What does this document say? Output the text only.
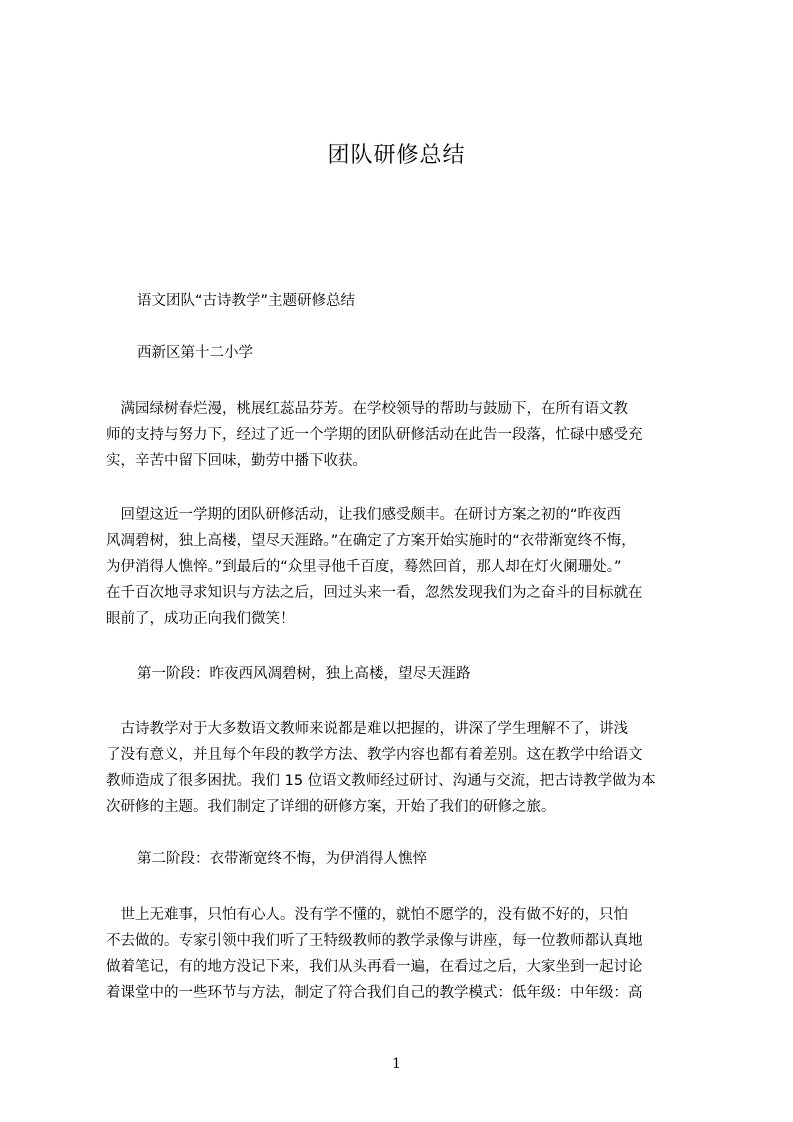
团队研修总结
语文团队“古诗教学”主题研修总结
西新区第十二小学
　满园绿树春烂漫，桃展红蕊品芬芳。在学校领导的帮助与鼓励下，在所有语文教
师的支持与努力下，经过了近一个学期的团队研修活动在此告一段落，忙碌中感受充
实，辛苦中留下回味，勤劳中播下收获。
　回望这近一学期的团队研修活动，让我们感受颇丰。在研讨方案之初的“昨夜西
风凋碧树，独上高楼，望尽天涯路。”在确定了方案开始实施时的“衣带渐宽终不悔，
为伊消得人憔悴。”到最后的“众里寻他千百度，蓦然回首，那人却在灯火阑珊处。”
在千百次地寻求知识与方法之后，回过头来一看，忽然发现我们为之奋斗的目标就在
眼前了，成功正向我们微笑！
第一阶段：昨夜西风凋碧树，独上高楼，望尽天涯路
　古诗教学对于大多数语文教师来说都是难以把握的，讲深了学生理解不了，讲浅
了没有意义，并且每个年段的教学方法、教学内容也都有着差别。这在教学中给语文
教师造成了很多困扰。我们 15 位语文教师经过研讨、沟通与交流，把古诗教学做为本
次研修的主题。我们制定了详细的研修方案，开始了我们的研修之旅。
第二阶段：衣带渐宽终不悔，为伊消得人憔悴
　世上无难事，只怕有心人。没有学不懂的，就怕不愿学的，没有做不好的，只怕
不去做的。专家引领中我们听了王特级教师的教学录像与讲座，每一位教师都认真地
做着笔记，有的地方没记下来，我们从头再看一遍，在看过之后，大家坐到一起讨论
着课堂中的一些环节与方法，制定了符合我们自己的教学模式：低年级：中年级：高
1
